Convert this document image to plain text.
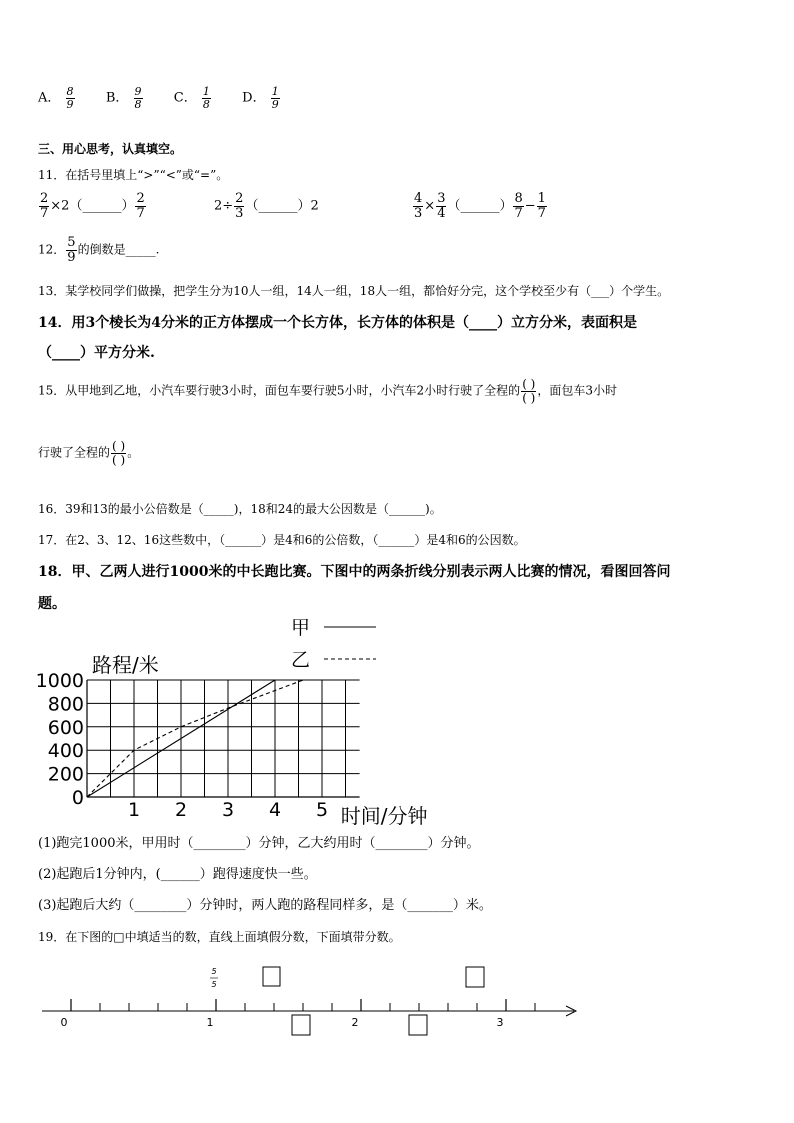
A． $\frac{8}{9}$ B． $\frac{9}{8}$ C． $\frac{1}{8}$ D． $\frac{1}{9}$
三、用心思考，认真填空。
11．在括号里填上“>”“<”或“=”。
$\frac{2}{7}$ ×2（______） $\frac{2}{7}$	$2\div \frac{2}{3}$ （______）2	$\frac{4}{3} \times \frac{3}{4}$ （______） $\frac{8}{7} - \frac{1}{7}$
12． $\frac{5}{9}$ 的倒数是_____.
13．某学校同学们做操，把学生分为10人一组，14人一组，18人一组，都恰好分完，这个学校至少有（___）个学生。
14．用3个棱长为4分米的正方体摆成一个长方体，长方体的体积是（____）立方分米，表面积是
（____）平方分米.
15．从甲地到乙地，小汽车要行驶3小时，面包车要行驶5小时，小汽车2小时行驶了全程的 $\frac{( )}{( )}$ ，面包车3小时
行驶了全程的 $\frac{( )}{( )}$ 。
16．39和13的最小公倍数是（_____)，18和24的最大公因数是（______)。
17．在2、3、12、16这些数中，（______）是4和6的公倍数，（______）是4和6的公因数。
18．甲、乙两人进行1000米的中长跑比赛。下图中的两条折线分别表示两人比赛的情况，看图回答问
题。
0
200
400
600
800
1000
1 2 3 4 5
路程/米
时间/分钟
甲
乙
(1)跑完1000米，甲用时（________）分钟，乙大约用时（________）分钟。
(2)起跑后1分钟内，(______）跑得速度快一些。
(3)起跑后大约（________）分钟时，两人跑的路程同样多，是（_______）米。
19．在下图的□中填适当的数，直线上面填假分数，下面填带分数。
5
5
0	1	2	3
